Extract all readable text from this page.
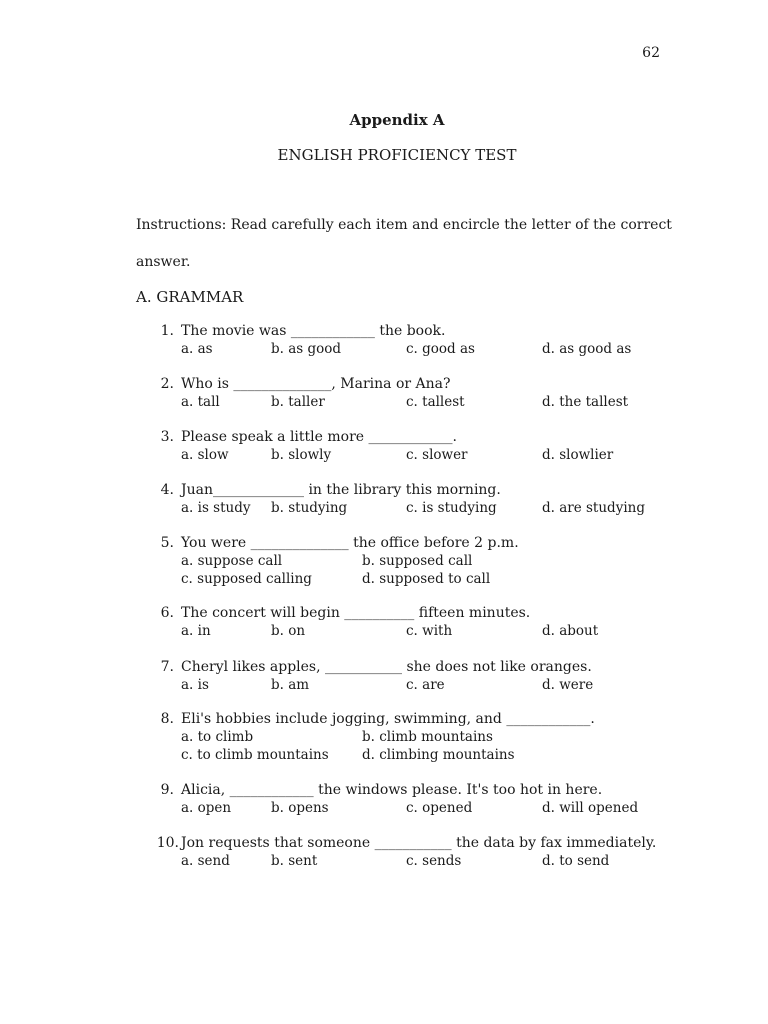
62
Appendix A
ENGLISH PROFICIENCY TEST
Instructions: Read carefully each item and encircle the letter of the correct
answer.
A. GRAMMAR
1. The movie was ____________ the book.
a. as	b. as good	c. good as	d. as good as
2. Who is ______________, Marina or Ana?
a. tall	b. taller	c. tallest	d. the tallest
3. Please speak a little more ____________.
a. slow	b. slowly	c. slower	d. slowlier
4. Juan_____________ in the library this morning.
a. is study b. studying	c. is studying	d. are studying
5. You were ______________ the office before 2 p.m.
a. suppose call	b. supposed call
c. supposed calling	d. supposed to call
6. The concert will begin __________ fifteen minutes.
a. in	b. on	c. with	d. about
7. Cheryl likes apples, ___________ she does not like oranges.
a. is	b. am	c. are	d. were
8. Eli's hobbies include jogging, swimming, and ____________.
a. to climb	b. climb mountains
c. to climb mountains d. climbing mountains
9. Alicia, ____________ the windows please. It's too hot in here.
a. open	b. opens	c. opened	d. will opened
10. Jon requests that someone ___________ the data by fax immediately.
a. send	b. sent	c. sends	d. to send
